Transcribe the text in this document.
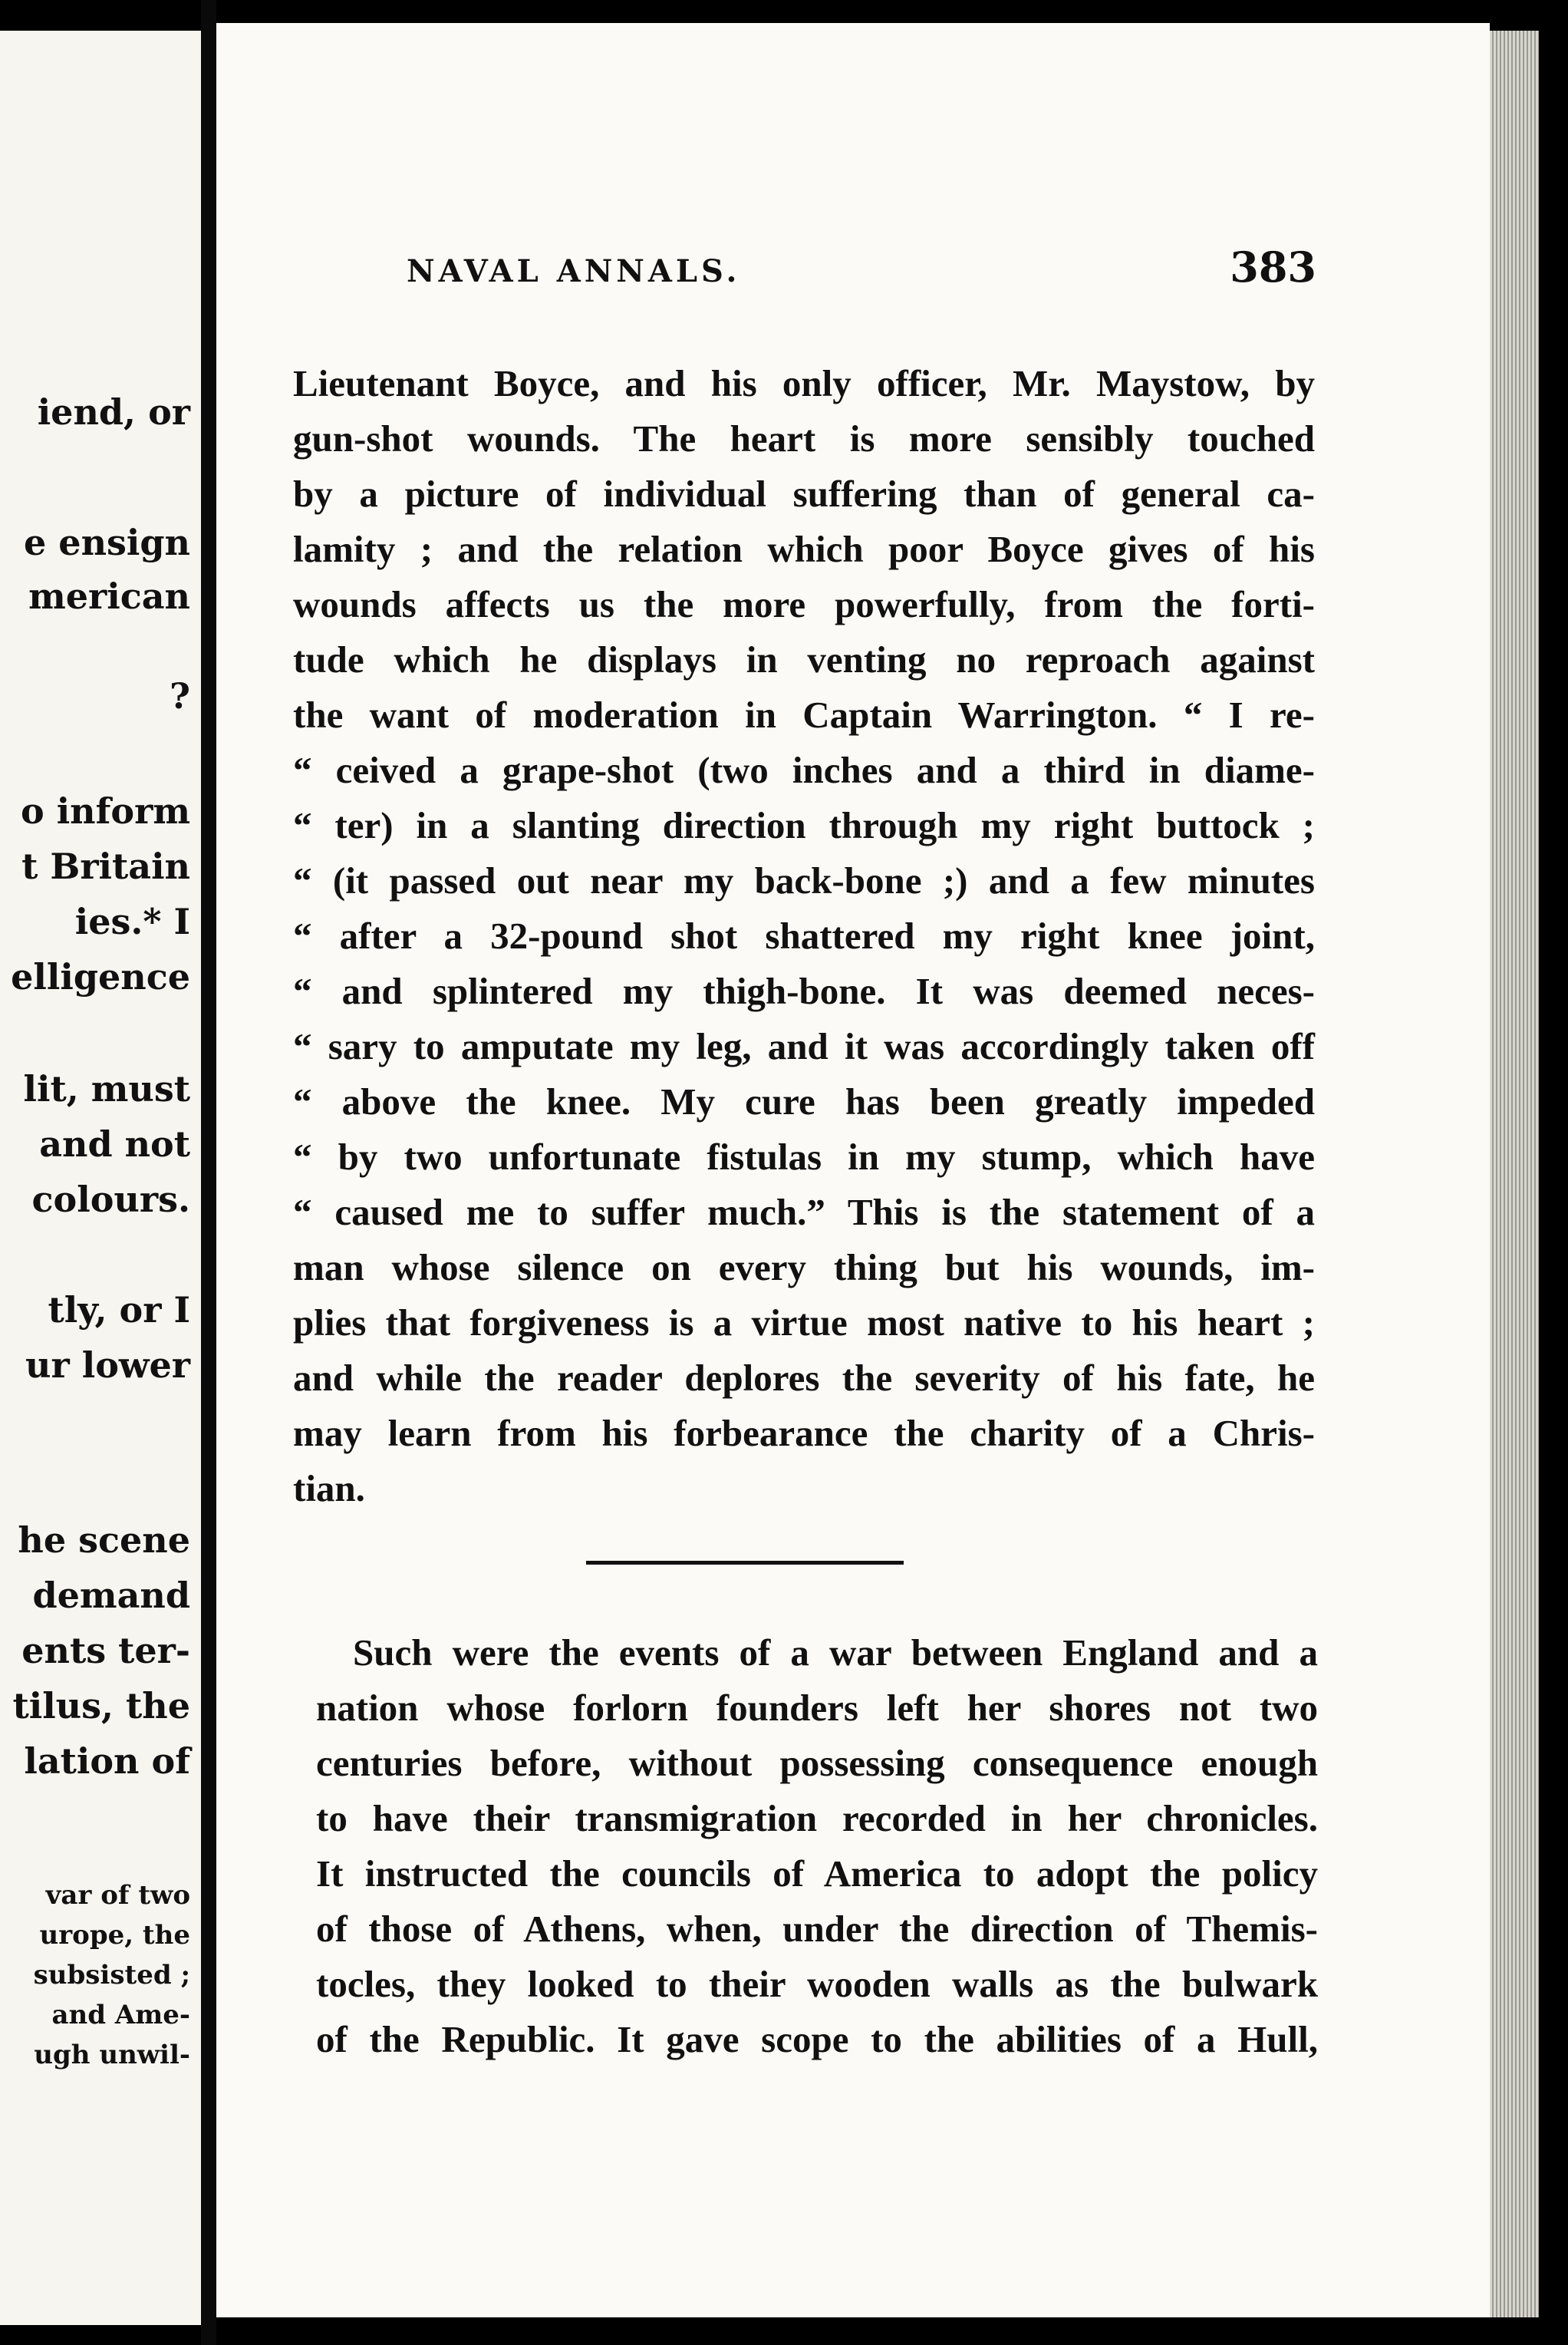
iend, or
e ensign
merican
?
o inform
t Britain
ies.* I
elligence
lit, must
and not
colours.
tly, or I
ur lower
he scene
demand
ents ter-
tilus, the
lation of
var of two
urope, the
subsisted ;
and Ame-
ugh unwil-
NAVAL ANNALS.	383
Lieutenant Boyce, and his only officer, Mr. Maystow, by
gun-shot wounds. The heart is more sensibly touched
by a picture of individual suffering than of general ca-
lamity ; and the relation which poor Boyce gives of his
wounds affects us the more powerfully, from the forti-
tude which he displays in venting no reproach against
the want of moderation in Captain Warrington. “ I re-
“ ceived a grape-shot (two inches and a third in diame-
“ ter) in a slanting direction through my right buttock ;
“ (it passed out near my back-bone ;) and a few minutes
“ after a 32-pound shot shattered my right knee joint,
“ and splintered my thigh-bone. It was deemed neces-
“ sary to amputate my leg, and it was accordingly taken off
“ above the knee. My cure has been greatly impeded
“ by two unfortunate fistulas in my stump, which have
“ caused me to suffer much.” This is the statement of a
man whose silence on every thing but his wounds, im-
plies that forgiveness is a virtue most native to his heart ;
and while the reader deplores the severity of his fate, he
may learn from his forbearance the charity of a Chris-
tian.
Such were the events of a war between England and a
nation whose forlorn founders left her shores not two
centuries before, without possessing consequence enough
to have their transmigration recorded in her chronicles.
It instructed the councils of America to adopt the policy
of those of Athens, when, under the direction of Themis-
tocles, they looked to their wooden walls as the bulwark
of the Republic. It gave scope to the abilities of a Hull,
